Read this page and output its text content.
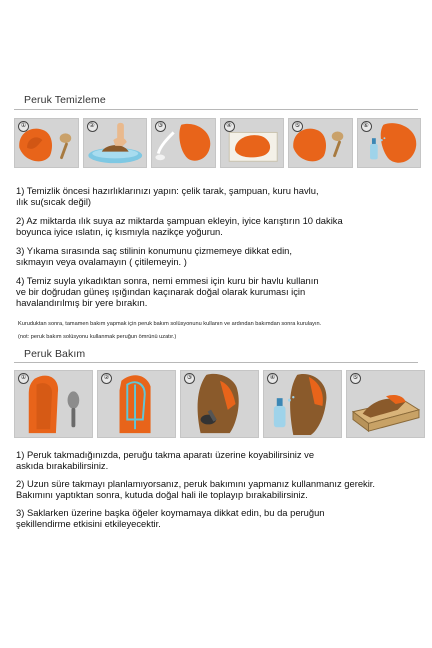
Peruk Temizleme
①	②	③	④	⑤	⑥
1) Temizlik öncesi hazırlıklarınızı yapın: çelik tarak, şampuan, kuru havlu,
ılık su(sıcak değil)
2) Az miktarda ılık suya az miktarda şampuan ekleyin, iyice karıştırın 10 dakika
boyunca iyice ıslatın, iç kısmıyla nazikçe yoğurun.
3) Yıkama sırasında saç stilinin konumunu çizmemeye dikkat edin,
sıkmayın veya ovalamayın ( çitilemeyin. )
4) Temiz suyla yıkadıktan sonra, nemi emmesi için kuru bir havlu kullanın
ve bir doğrudan güneş ışığından kaçınarak doğal olarak kuruması için
havalandırılmış bir yere bırakın.
Kuruduktan sonra, tamamen bakım yapmak için peruk bakım solüsyonunu kullanın ve ardından bakımdan sonra kurulayın.
(not: peruk bakım solüsyonu kullanmak peruğun ömrünü uzatır.)
Peruk Bakım
①	②	③	④	⑤
1) Peruk takmadığınızda, peruğu takma aparatı üzerine koyabilirsiniz ve
askıda bırakabilirsiniz.
2) Uzun süre takmayı planlamıyorsanız, peruk bakımını yapmanız kullanmanız gerekir.
Bakımını yaptıktan sonra, kutuda doğal hali ile toplayıp bırakabilirsiniz.
3) Saklarken üzerine başka öğeler koymamaya dikkat edin, bu da peruğun
şekillendirme etkisini etkileyecektir.
